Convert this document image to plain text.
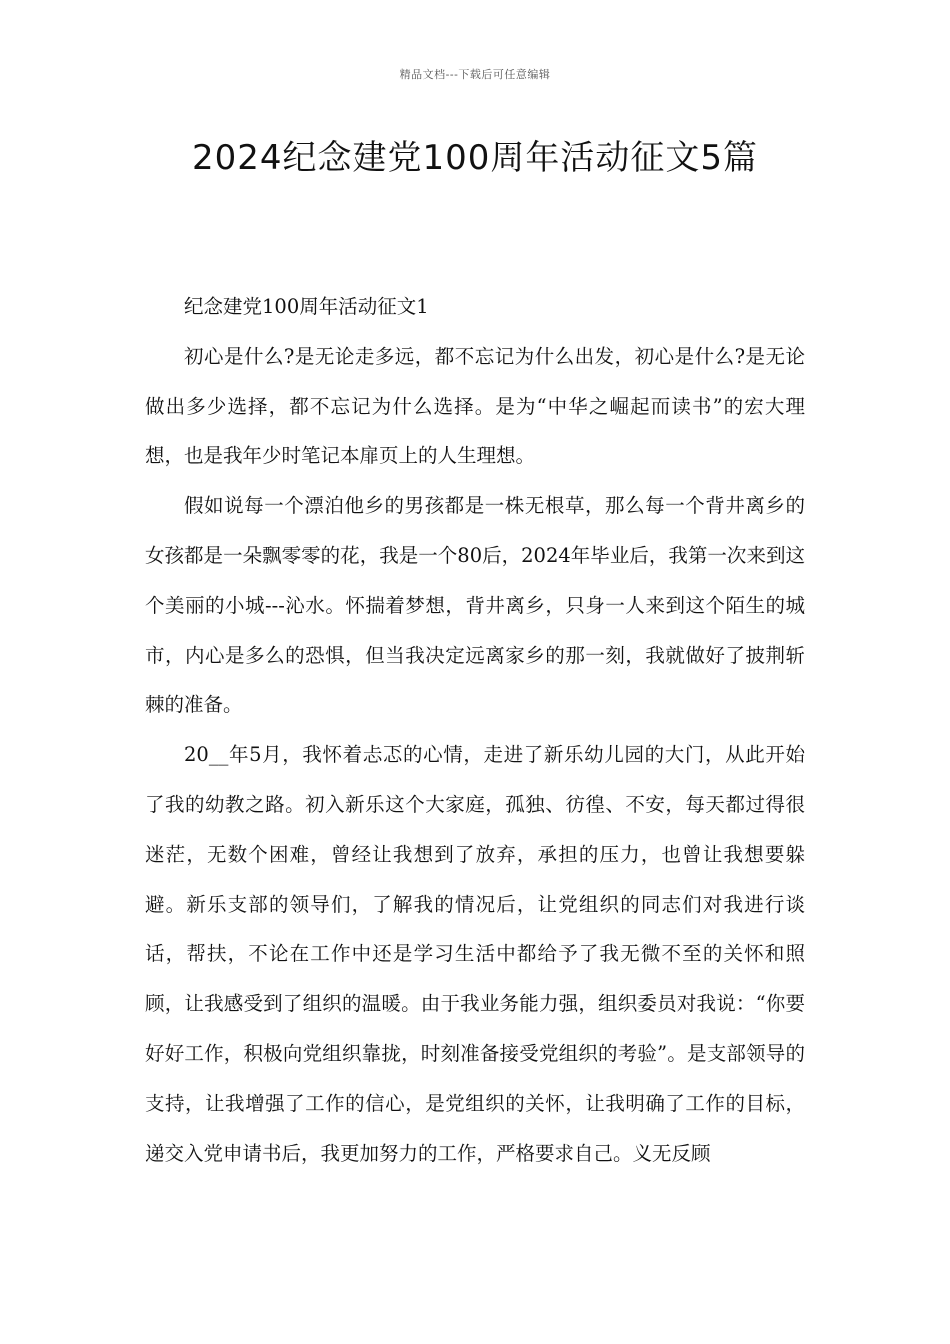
精品文档---下载后可任意编辑
2024纪念建党100周年活动征文5篇

纪念建党100周年活动征文1

初心是什么?是无论走多远，都不忘记为什么出发，初心是什么?是无论做出多少选择，都不忘记为什么选择。是为“中华之崛起而读书”的宏大理想，也是我年少时笔记本扉页上的人生理想。

假如说每一个漂泊他乡的男孩都是一株无根草，那么每一个背井离乡的女孩都是一朵飘零零的花，我是一个80后，2024年毕业后，我第一次来到这个美丽的小城---沁水。怀揣着梦想，背井离乡，只身一人来到这个陌生的城市，内心是多么的恐惧，但当我决定远离家乡的那一刻，我就做好了披荆斩棘的准备。

20__年5月，我怀着忐忑的心情，走进了新乐幼儿园的大门，从此开始了我的幼教之路。初入新乐这个大家庭，孤独、彷徨、不安，每天都过得很迷茫，无数个困难，曾经让我想到了放弃，承担的压力，也曾让我想要躲避。新乐支部的领导们，了解我的情况后，让党组织的同志们对我进行谈话，帮扶，不论在工作中还是学习生活中都给予了我无微不至的关怀和照顾，让我感受到了组织的温暖。由于我业务能力强，组织委员对我说：“你要好好工作，积极向党组织靠拢，时刻准备接受党组织的考验”。是支部领导的支持，让我增强了工作的信心，是党组织的关怀，让我明确了工作的目标，递交入党申请书后，我更加努力的工作，严格要求自己。义无反顾
